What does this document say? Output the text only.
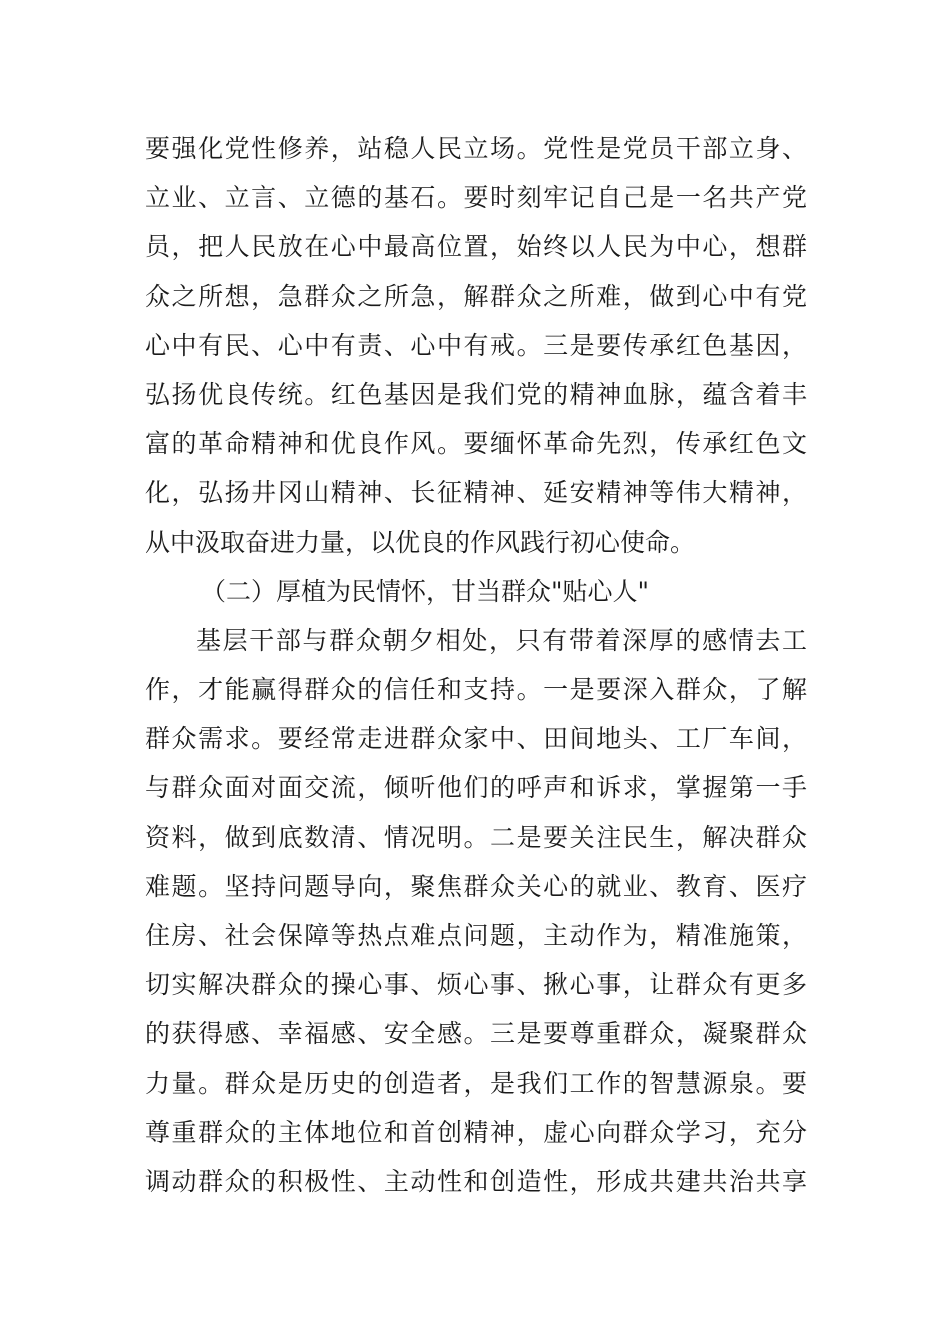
要强化党性修养，站稳人民立场。党性是党员干部立身、
立业、立言、立德的基石。要时刻牢记自己是一名共产党
员，把人民放在心中最高位置，始终以人民为中心，想群
众之所想，急群众之所急，解群众之所难，做到心中有党
心中有民、心中有责、心中有戒。三是要传承红色基因，
弘扬优良传统。红色基因是我们党的精神血脉，蕴含着丰
富的革命精神和优良作风。要缅怀革命先烈，传承红色文
化，弘扬井冈山精神、长征精神、延安精神等伟大精神，
从中汲取奋进力量，以优良的作风践行初心使命。
（二）厚植为民情怀，甘当群众"贴心人"
基层干部与群众朝夕相处，只有带着深厚的感情去工
作，才能赢得群众的信任和支持。一是要深入群众，了解
群众需求。要经常走进群众家中、田间地头、工厂车间，
与群众面对面交流，倾听他们的呼声和诉求，掌握第一手
资料，做到底数清、情况明。二是要关注民生，解决群众
难题。坚持问题导向，聚焦群众关心的就业、教育、医疗
住房、社会保障等热点难点问题，主动作为，精准施策，
切实解决群众的操心事、烦心事、揪心事，让群众有更多
的获得感、幸福感、安全感。三是要尊重群众，凝聚群众
力量。群众是历史的创造者，是我们工作的智慧源泉。要
尊重群众的主体地位和首创精神，虚心向群众学习，充分
调动群众的积极性、主动性和创造性，形成共建共治共享
